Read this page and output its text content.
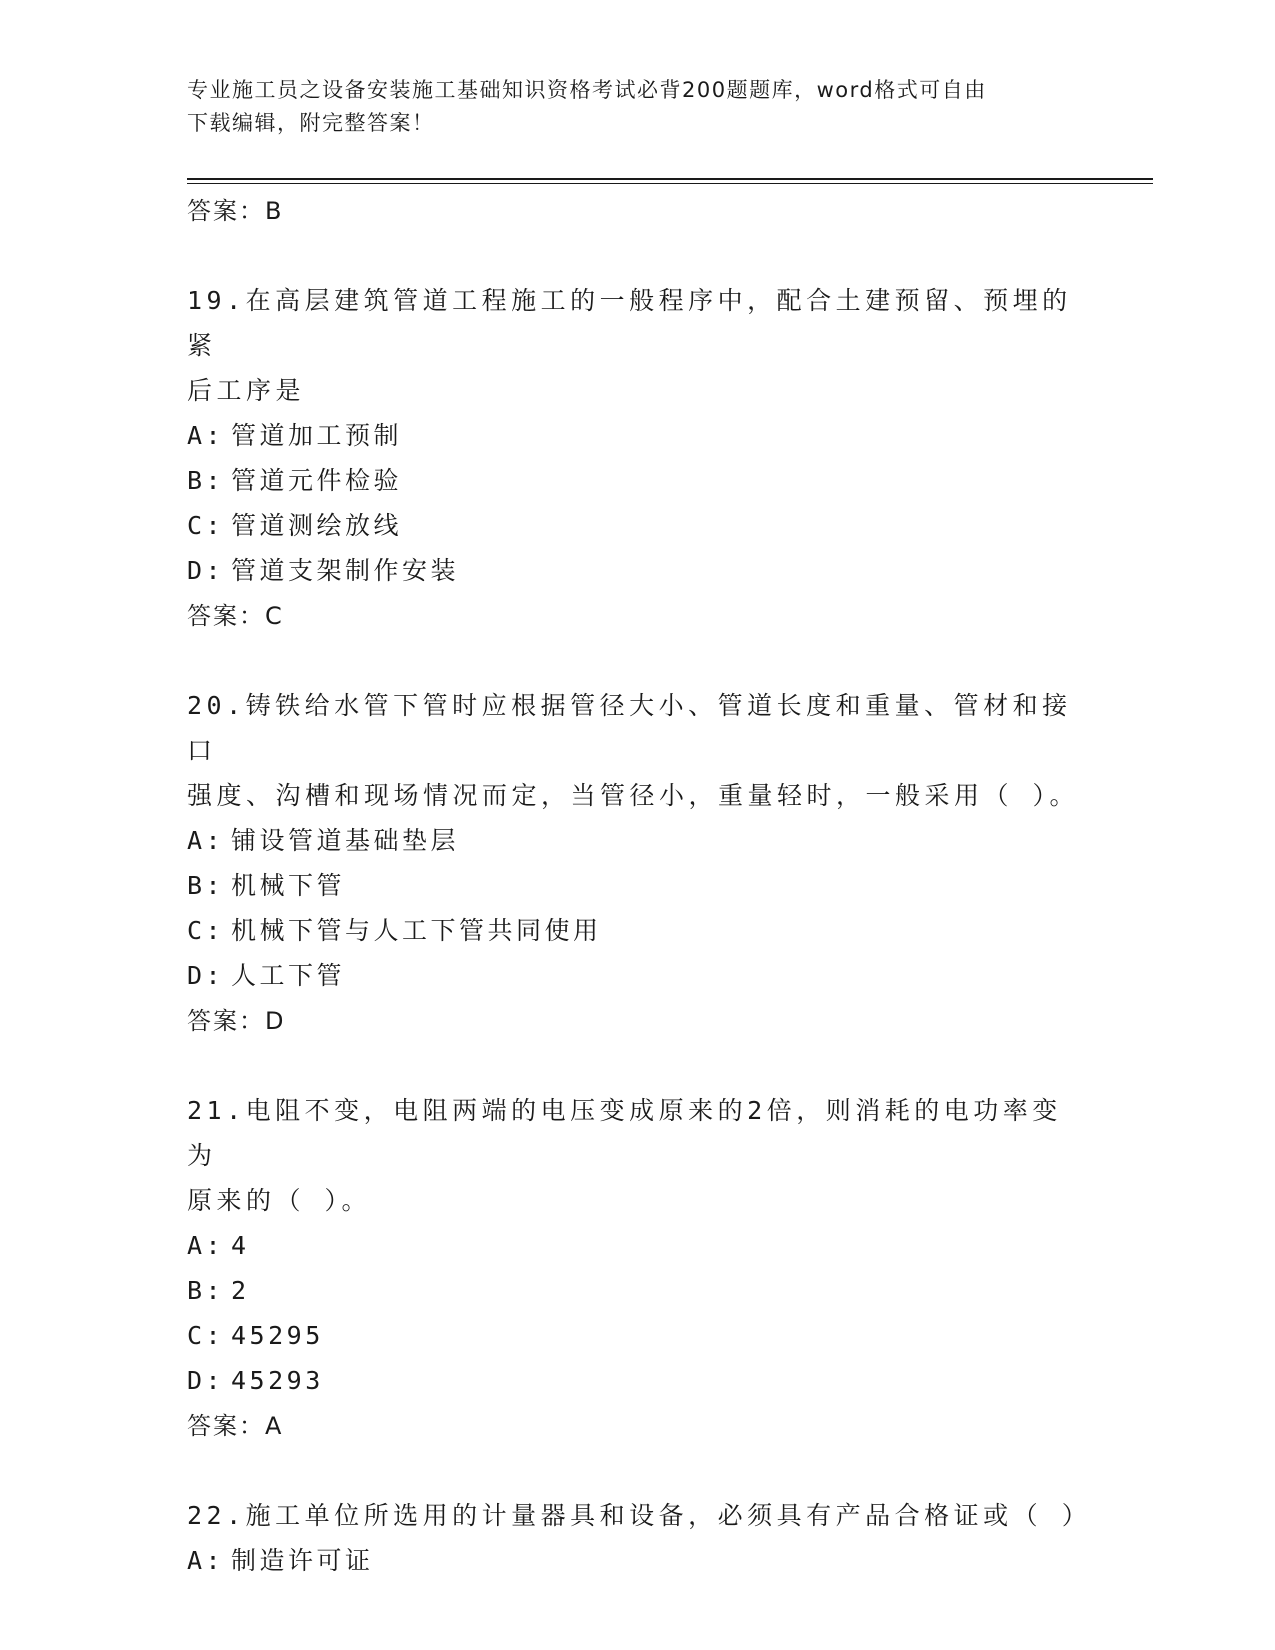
专业施工员之设备安装施工基础知识资格考试必背200题题库，word格式可自由
下载编辑，附完整答案！
答案：B
19.在高层建筑管道工程施工的一般程序中，配合土建预留、预埋的紧
后工序是
A: 管道加工预制
B: 管道元件检验
C: 管道测绘放线
D: 管道支架制作安装
答案：C
20.铸铁给水管下管时应根据管径大小、管道长度和重量、管材和接口
强度、沟槽和现场情况而定，当管径小，重量轻时，一般采用（ ）。
A: 铺设管道基础垫层
B: 机械下管
C: 机械下管与人工下管共同使用
D: 人工下管
答案：D
21.电阻不变，电阻两端的电压变成原来的2倍，则消耗的电功率变为
原来的（ ）。
A: 4
B: 2
C: 45295
D: 45293
答案：A
22.施工单位所选用的计量器具和设备，必须具有产品合格证或（ ）
A: 制造许可证
